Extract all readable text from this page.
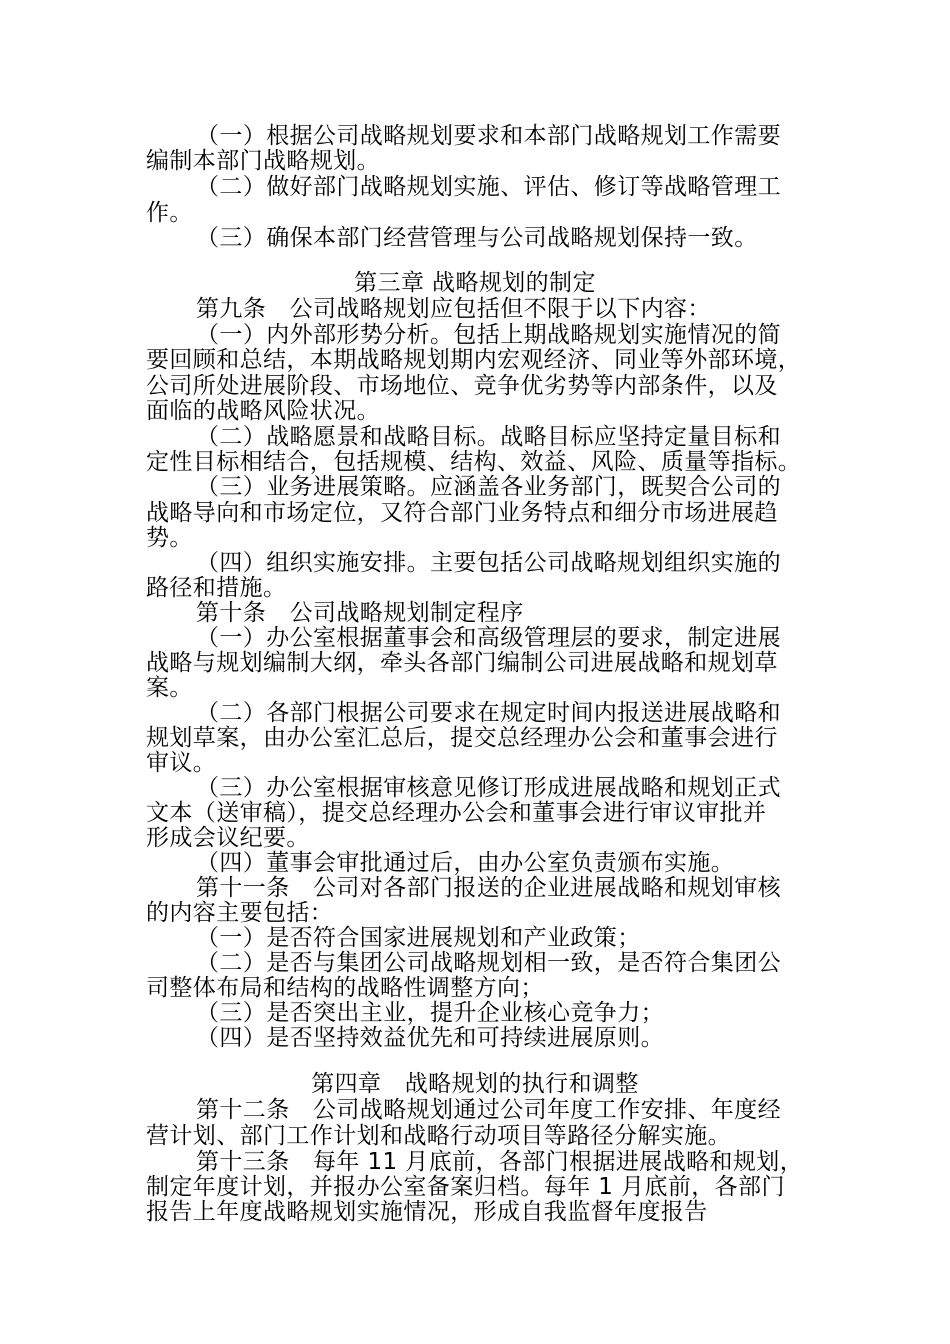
（一）根据公司战略规划要求和本部门战略规划工作需要
编制本部门战略规划。
（二）做好部门战略规划实施、评估、修订等战略管理工
作。
（三）确保本部门经营管理与公司战略规划保持一致。
第三章 战略规划的制定
第九条　公司战略规划应包括但不限于以下内容：
（一）内外部形势分析。包括上期战略规划实施情况的简
要回顾和总结，本期战略规划期内宏观经济、同业等外部环境，
公司所处进展阶段、市场地位、竞争优劣势等内部条件，以及
面临的战略风险状况。
（二）战略愿景和战略目标。战略目标应坚持定量目标和
定性目标相结合，包括规模、结构、效益、风险、质量等指标。
（三）业务进展策略。应涵盖各业务部门，既契合公司的
战略导向和市场定位，又符合部门业务特点和细分市场进展趋
势。
（四）组织实施安排。主要包括公司战略规划组织实施的
路径和措施。
第十条　公司战略规划制定程序
（一）办公室根据董事会和高级管理层的要求，制定进展
战略与规划编制大纲，牵头各部门编制公司进展战略和规划草
案。
（二）各部门根据公司要求在规定时间内报送进展战略和
规划草案，由办公室汇总后，提交总经理办公会和董事会进行
审议。
（三）办公室根据审核意见修订形成进展战略和规划正式
文本（送审稿），提交总经理办公会和董事会进行审议审批并
形成会议纪要。
（四）董事会审批通过后，由办公室负责颁布实施。
第十一条　公司对各部门报送的企业进展战略和规划审核
的内容主要包括：
（一）是否符合国家进展规划和产业政策；
（二）是否与集团公司战略规划相一致，是否符合集团公
司整体布局和结构的战略性调整方向；
（三）是否突出主业，提升企业核心竞争力；
（四）是否坚持效益优先和可持续进展原则。
第四章　战略规划的执行和调整
第十二条　公司战略规划通过公司年度工作安排、年度经
营计划、部门工作计划和战略行动项目等路径分解实施。
第十三条　每年 11 月底前，各部门根据进展战略和规划，
制定年度计划，并报办公室备案归档。每年 1 月底前，各部门
报告上年度战略规划实施情况，形成自我监督年度报告
